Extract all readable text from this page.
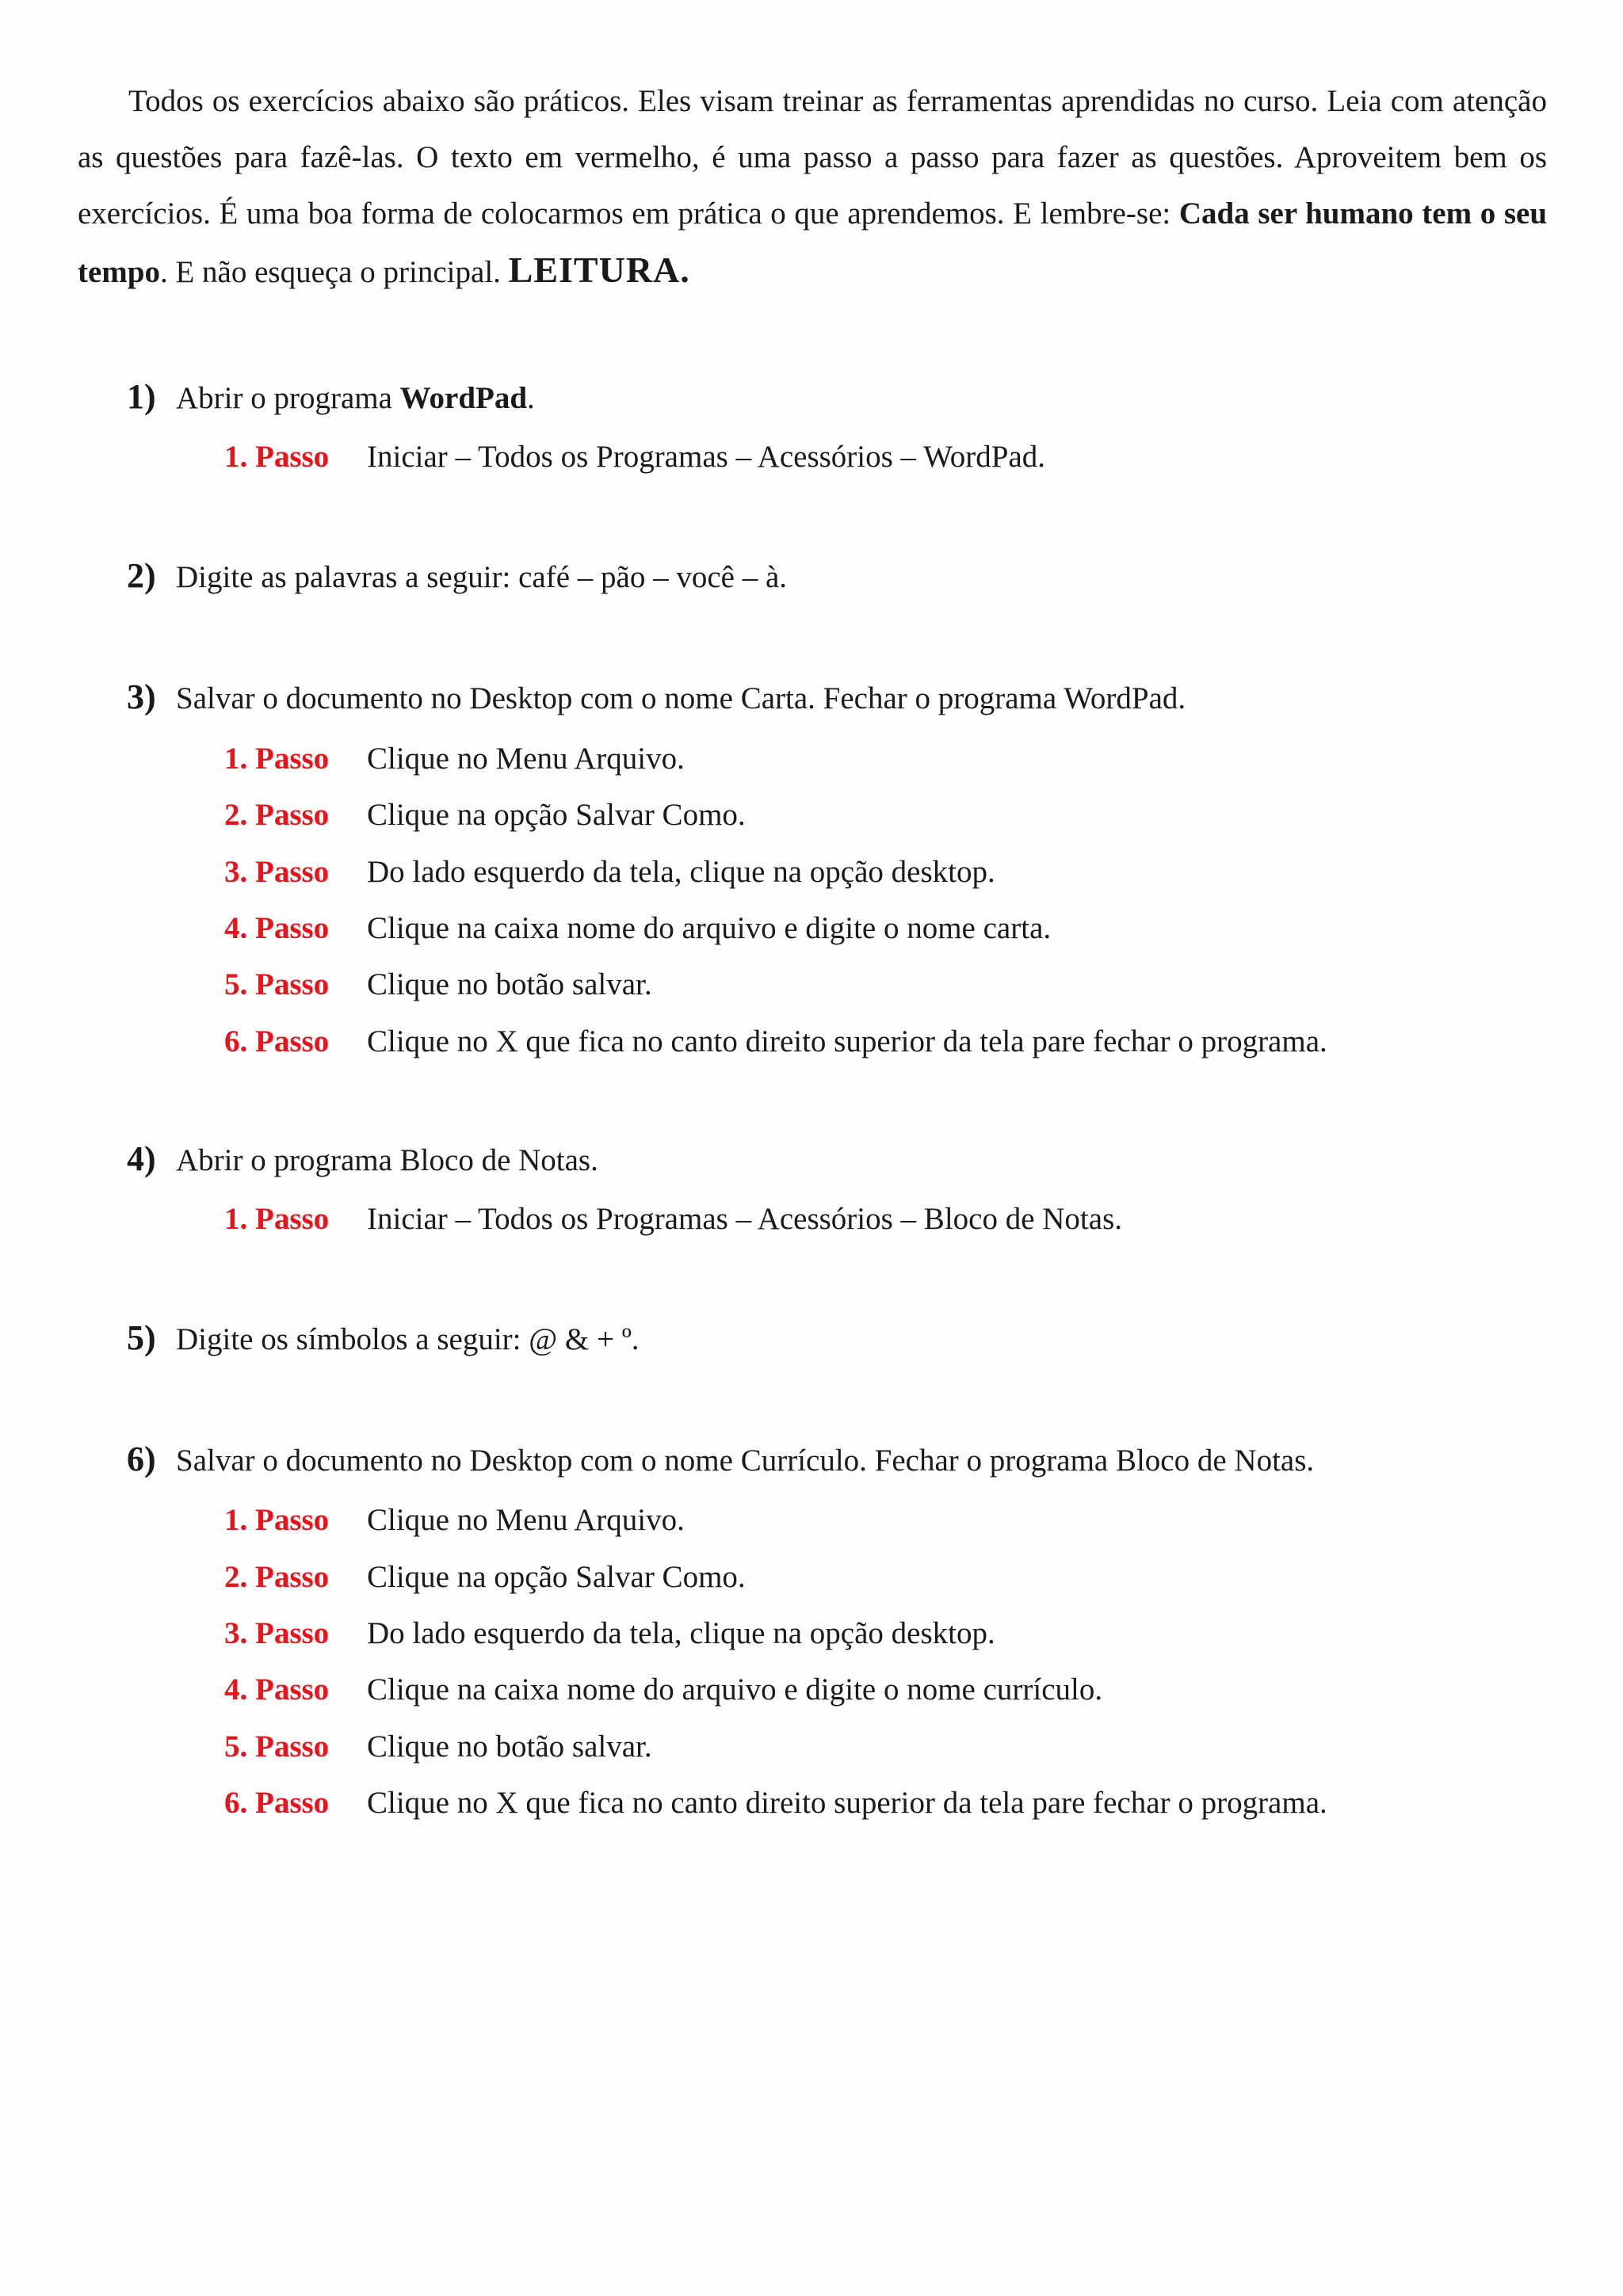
Todos os exercícios abaixo são práticos. Eles visam treinar as ferramentas aprendidas no curso. Leia com atenção as questões para fazê-las. O texto em vermelho, é uma passo a passo para fazer as questões. Aproveitem bem os exercícios. É uma boa forma de colocarmos em prática o que aprendemos. E lembre-se: Cada ser humano tem o seu tempo. E não esqueça o principal. LEITURA.

1) Abrir o programa WordPad.
1. Passo Iniciar – Todos os Programas – Acessórios – WordPad.
2) Digite as palavras a seguir: café – pão – você – à.
3) Salvar o documento no Desktop com o nome Carta. Fechar o programa WordPad.
1. Passo Clique no Menu Arquivo.
2. Passo Clique na opção Salvar Como.
3. Passo Do lado esquerdo da tela, clique na opção desktop.
4. Passo Clique na caixa nome do arquivo e digite o nome carta.
5. Passo Clique no botão salvar.
6. Passo Clique no X que fica no canto direito superior da tela pare fechar o programa.
4) Abrir o programa Bloco de Notas.
1. Passo Iniciar – Todos os Programas – Acessórios – Bloco de Notas.
5) Digite os símbolos a seguir: @ & + º.
6) Salvar o documento no Desktop com o nome Currículo. Fechar o programa Bloco de Notas.
1. Passo Clique no Menu Arquivo.
2. Passo Clique na opção Salvar Como.
3. Passo Do lado esquerdo da tela, clique na opção desktop.
4. Passo Clique na caixa nome do arquivo e digite o nome currículo.
5. Passo Clique no botão salvar.
6. Passo Clique no X que fica no canto direito superior da tela pare fechar o programa.
